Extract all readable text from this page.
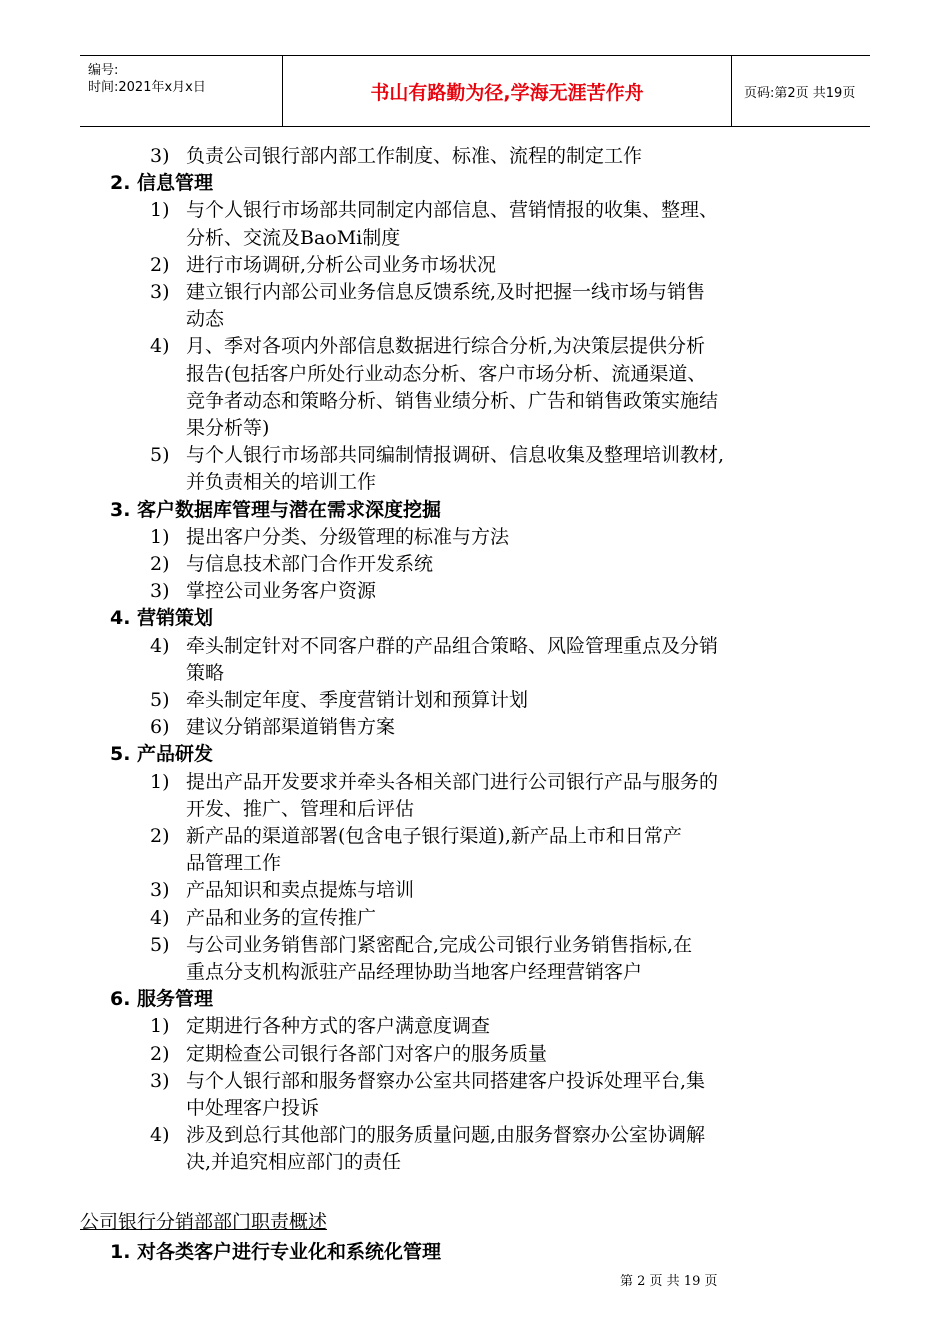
编号:
时间:2021年x月x日	书山有路勤为径,学海无涯苦作舟	页码:第2页 共19页
3) 负责公司银行部内部工作制度、标准、流程的制定工作
2. 信息管理
1) 与个人银行市场部共同制定内部信息、营销情报的收集、整理、
分析、交流及BaoMi制度
2) 进行市场调研,分析公司业务市场状况
3) 建立银行内部公司业务信息反馈系统,及时把握一线市场与销售
动态
4) 月、季对各项内外部信息数据进行综合分析,为决策层提供分析
报告(包括客户所处行业动态分析、客户市场分析、流通渠道、
竞争者动态和策略分析、销售业绩分析、广告和销售政策实施结
果分析等)
5) 与个人银行市场部共同编制情报调研、信息收集及整理培训教材,
并负责相关的培训工作
3. 客户数据库管理与潜在需求深度挖掘
1) 提出客户分类、分级管理的标准与方法
2) 与信息技术部门合作开发系统
3) 掌控公司业务客户资源
4. 营销策划
4) 牵头制定针对不同客户群的产品组合策略、风险管理重点及分销
策略
5) 牵头制定年度、季度营销计划和预算计划
6) 建议分销部渠道销售方案
5. 产品研发
1) 提出产品开发要求并牵头各相关部门进行公司银行产品与服务的
开发、推广、管理和后评估
2) 新产品的渠道部署(包含电子银行渠道),新产品上市和日常产
品管理工作
3) 产品知识和卖点提炼与培训
4) 产品和业务的宣传推广
5) 与公司业务销售部门紧密配合,完成公司银行业务销售指标,在
重点分支机构派驻产品经理协助当地客户经理营销客户
6. 服务管理
1) 定期进行各种方式的客户满意度调查
2) 定期检查公司银行各部门对客户的服务质量
3) 与个人银行部和服务督察办公室共同搭建客户投诉处理平台,集
中处理客户投诉
4) 涉及到总行其他部门的服务质量问题,由服务督察办公室协调解
决,并追究相应部门的责任
公司银行分销部部门职责概述
1. 对各类客户进行专业化和系统化管理
第 2 页 共 19 页
